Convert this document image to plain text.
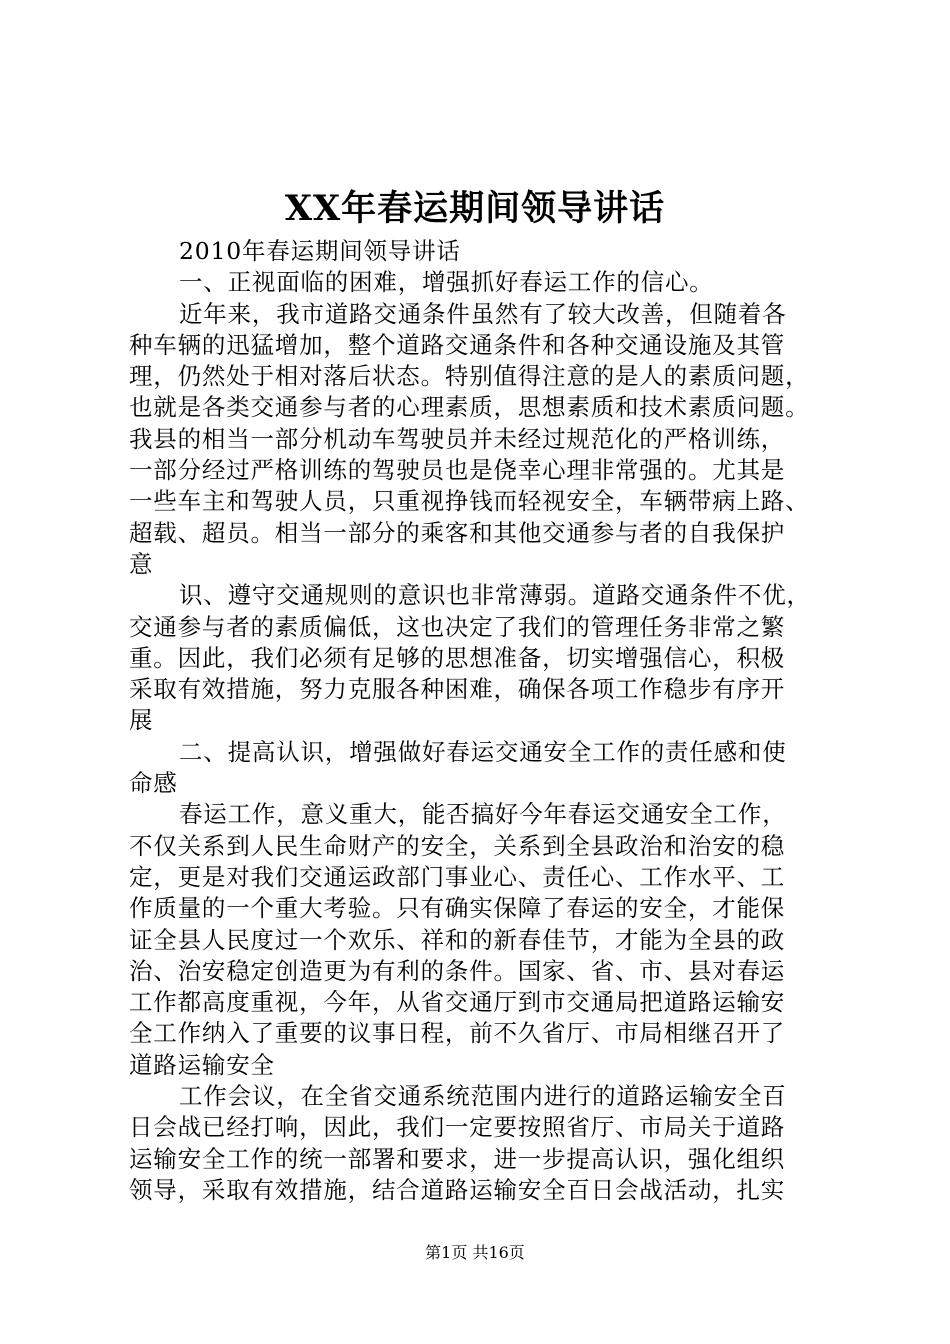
XX年春运期间领导讲话

2010年春运期间领导讲话

一、正视面临的困难，增强抓好春运工作的信心。

近年来，我市道路交通条件虽然有了较大改善，但随着各

种车辆的迅猛增加，整个道路交通条件和各种交通设施及其管

理，仍然处于相对落后状态。特别值得注意的是人的素质问题，

也就是各类交通参与者的心理素质，思想素质和技术素质问题。

我县的相当一部分机动车驾驶员并未经过规范化的严格训练，

一部分经过严格训练的驾驶员也是侥幸心理非常强的。尤其是

一些车主和驾驶人员，只重视挣钱而轻视安全，车辆带病上路、

超载、超员。相当一部分的乘客和其他交通参与者的自我保护

意

识、遵守交通规则的意识也非常薄弱。道路交通条件不优，

交通参与者的素质偏低，这也决定了我们的管理任务非常之繁

重。因此，我们必须有足够的思想准备，切实增强信心，积极

采取有效措施，努力克服各种困难，确保各项工作稳步有序开

展

二、提高认识，增强做好春运交通安全工作的责任感和使

命感

春运工作，意义重大，能否搞好今年春运交通安全工作，

不仅关系到人民生命财产的安全，关系到全县政治和治安的稳

定，更是对我们交通运政部门事业心、责任心、工作水平、工

作质量的一个重大考验。只有确实保障了春运的安全，才能保

证全县人民度过一个欢乐、祥和的新春佳节，才能为全县的政

治、治安稳定创造更为有利的条件。国家、省、市、县对春运

工作都高度重视，今年，从省交通厅到市交通局把道路运输安

全工作纳入了重要的议事日程，前不久省厅、市局相继召开了

道路运输安全

工作会议，在全省交通系统范围内进行的道路运输安全百

日会战已经打响，因此，我们一定要按照省厅、市局关于道路

运输安全工作的统一部署和要求，进一步提高认识，强化组织

领导，采取有效措施，结合道路运输安全百日会战活动，扎实

第1页 共16页
